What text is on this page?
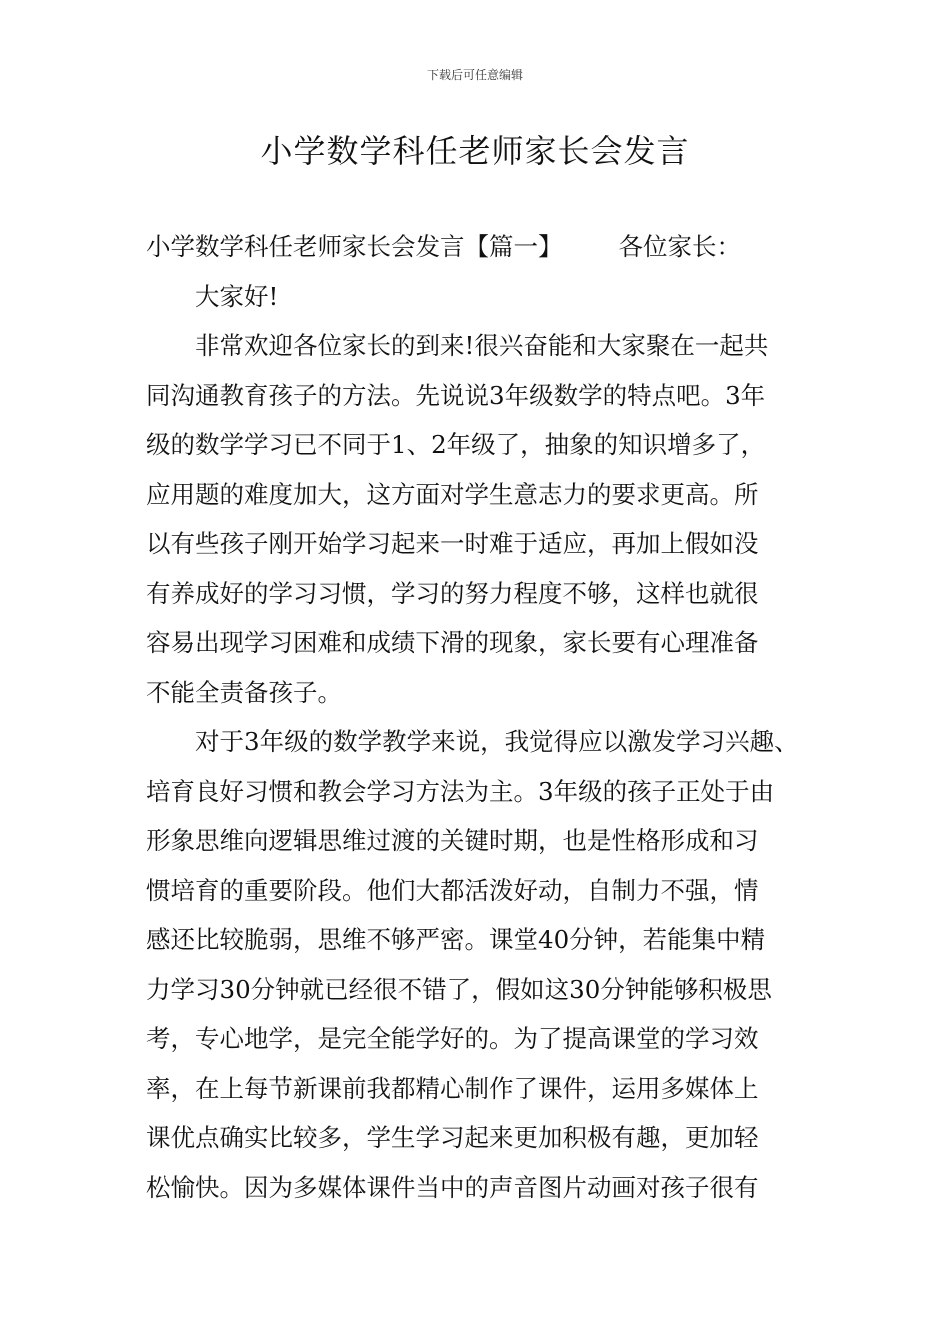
下载后可任意编辑
小学数学科任老师家长会发言
小学数学科任老师家长会发言【篇一】 各位家长：
大家好!
非常欢迎各位家长的到来!很兴奋能和大家聚在一起共
同沟通教育孩子的方法。先说说3年级数学的特点吧。3年
级的数学学习已不同于1、2年级了，抽象的知识增多了，
应用题的难度加大，这方面对学生意志力的要求更高。所
以有些孩子刚开始学习起来一时难于适应，再加上假如没
有养成好的学习习惯，学习的努力程度不够，这样也就很
容易出现学习困难和成绩下滑的现象，家长要有心理准备
不能全责备孩子。
对于3年级的数学教学来说，我觉得应以激发学习兴趣、
培育良好习惯和教会学习方法为主。3年级的孩子正处于由
形象思维向逻辑思维过渡的关键时期，也是性格形成和习
惯培育的重要阶段。他们大都活泼好动，自制力不强，情
感还比较脆弱，思维不够严密。课堂40分钟，若能集中精
力学习30分钟就已经很不错了，假如这30分钟能够积极思
考，专心地学，是完全能学好的。为了提高课堂的学习效
率，在上每节新课前我都精心制作了课件，运用多媒体上
课优点确实比较多，学生学习起来更加积极有趣，更加轻
松愉快。因为多媒体课件当中的声音图片动画对孩子很有
